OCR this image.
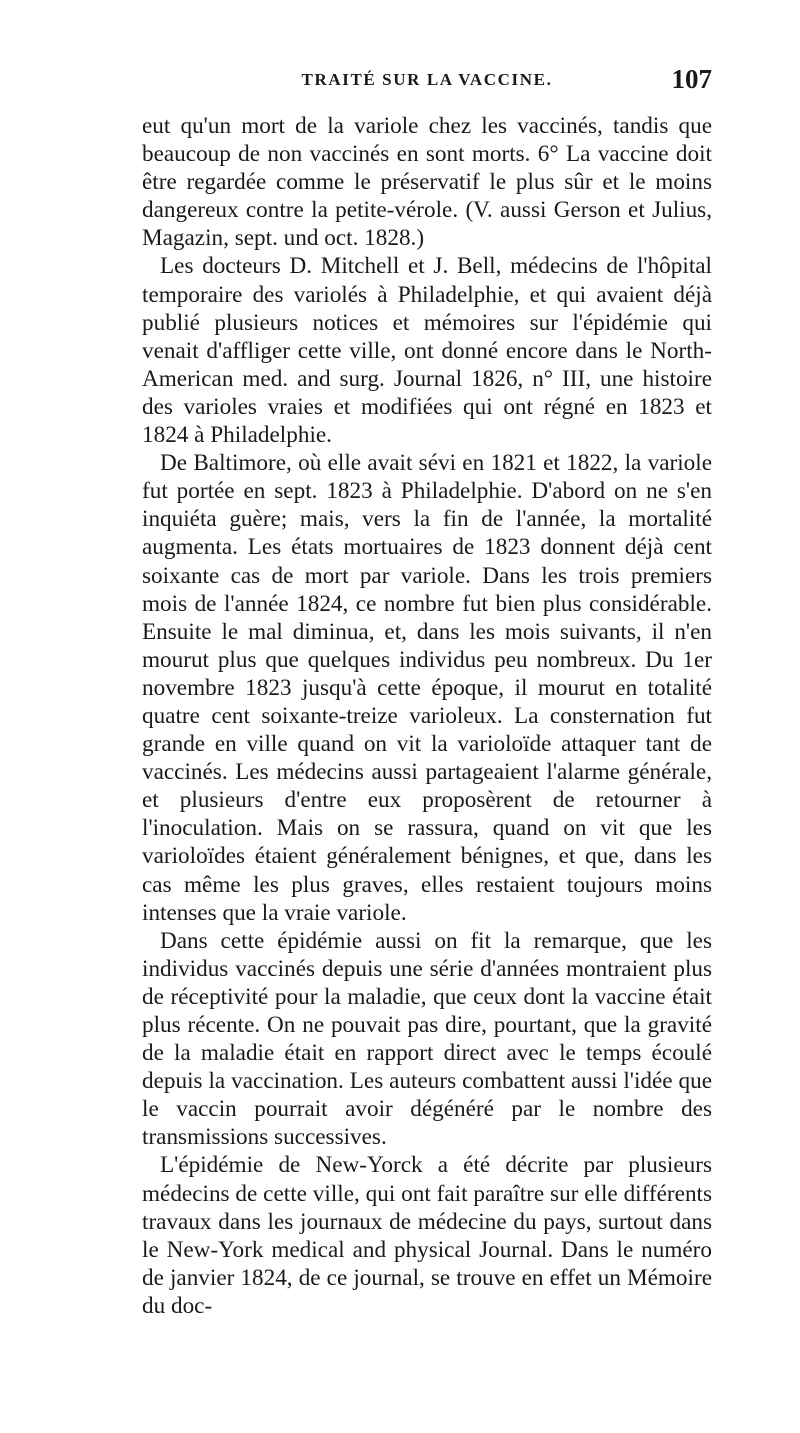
TRAITÉ SUR LA VACCINE.	107

eut qu'un mort de la variole chez les vaccinés, tandis que beaucoup de non vaccinés en sont morts. 6° La vaccine doit être regardée comme le préservatif le plus sûr et le moins dangereux contre la petite-vérole. (V. aussi Gerson et Julius, Magazin, sept. und oct. 1828.)

Les docteurs D. Mitchell et J. Bell, médecins de l'hôpital temporaire des variolés à Philadelphie, et qui avaient déjà publié plusieurs notices et mémoires sur l'épidémie qui venait d'affliger cette ville, ont donné encore dans le North-American med. and surg. Journal 1826, n° III, une histoire des varioles vraies et modifiées qui ont régné en 1823 et 1824 à Philadelphie.

De Baltimore, où elle avait sévi en 1821 et 1822, la variole fut portée en sept. 1823 à Philadelphie. D'abord on ne s'en inquiéta guère; mais, vers la fin de l'année, la mortalité augmenta. Les états mortuaires de 1823 donnent déjà cent soixante cas de mort par variole. Dans les trois premiers mois de l'année 1824, ce nombre fut bien plus considérable. Ensuite le mal diminua, et, dans les mois suivants, il n'en mourut plus que quelques individus peu nombreux. Du 1er novembre 1823 jusqu'à cette époque, il mourut en totalité quatre cent soixante-treize varioleux. La consternation fut grande en ville quand on vit la varioloïde attaquer tant de vaccinés. Les médecins aussi partageaient l'alarme générale, et plusieurs d'entre eux proposèrent de retourner à l'inoculation. Mais on se rassura, quand on vit que les varioloïdes étaient généralement bénignes, et que, dans les cas même les plus graves, elles restaient toujours moins intenses que la vraie variole.

Dans cette épidémie aussi on fit la remarque, que les individus vaccinés depuis une série d'années montraient plus de réceptivité pour la maladie, que ceux dont la vaccine était plus récente. On ne pouvait pas dire, pourtant, que la gravité de la maladie était en rapport direct avec le temps écoulé depuis la vaccination. Les auteurs combattent aussi l'idée que le vaccin pourrait avoir dégénéré par le nombre des transmissions successives.

L'épidémie de New-Yorck a été décrite par plusieurs médecins de cette ville, qui ont fait paraître sur elle différents travaux dans les journaux de médecine du pays, surtout dans le New-York medical and physical Journal. Dans le numéro de janvier 1824, de ce journal, se trouve en effet un Mémoire du doc-
